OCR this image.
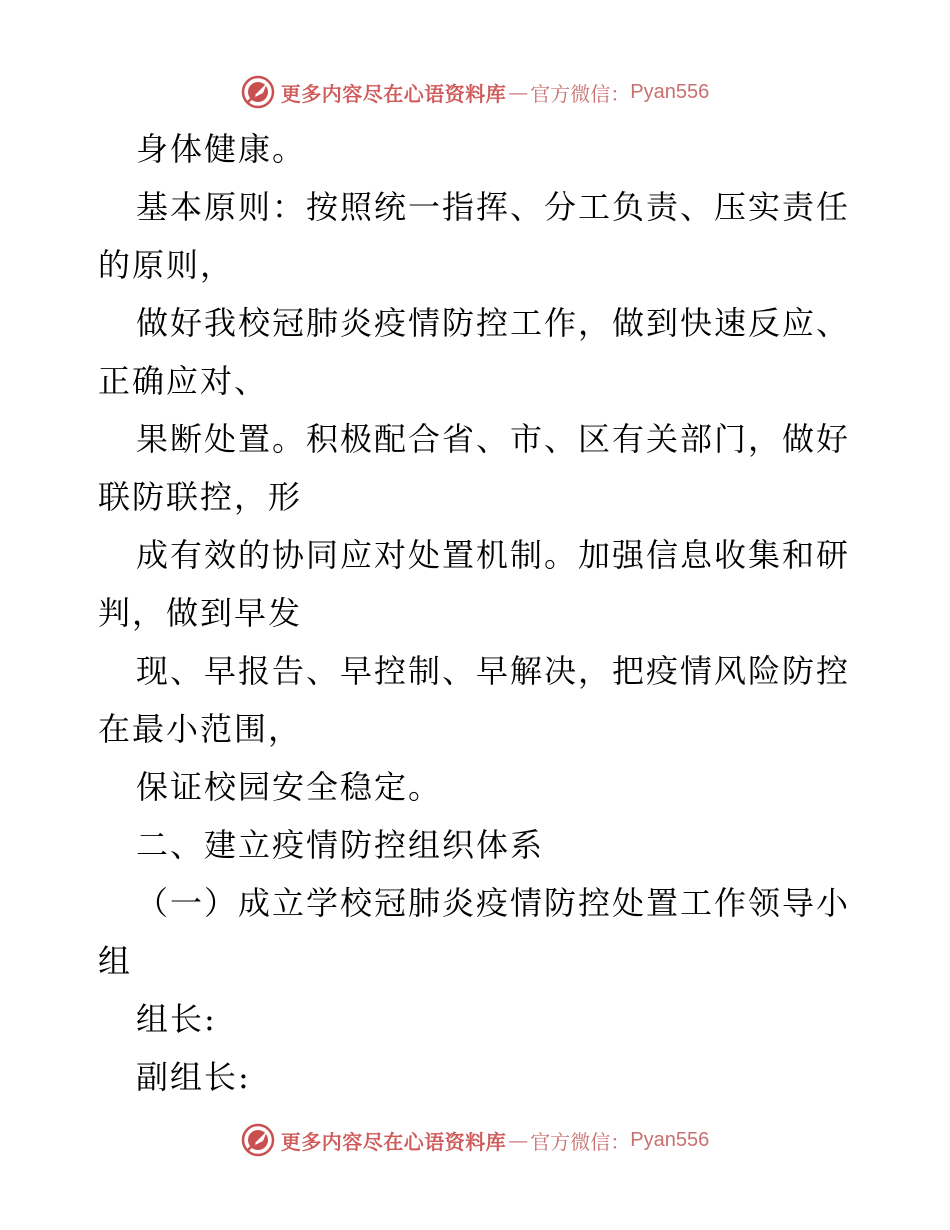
更多内容尽在心语资料库 — 官方微信： Pyan556
身体健康。
基本原则：按照统一指挥、分工负责、压实责任
的原则，
做好我校冠肺炎疫情防控工作，做到快速反应、
正确应对、
果断处置。积极配合省、市、区有关部门，做好
联防联控，形
成有效的协同应对处置机制。加强信息收集和研
判，做到早发
现、早报告、早控制、早解决，把疫情风险防控
在最小范围，
保证校园安全稳定。
二、建立疫情防控组织体系
（一）成立学校冠肺炎疫情防控处置工作领导小
组
组长:
副组长:
更多内容尽在心语资料库 — 官方微信： Pyan556
